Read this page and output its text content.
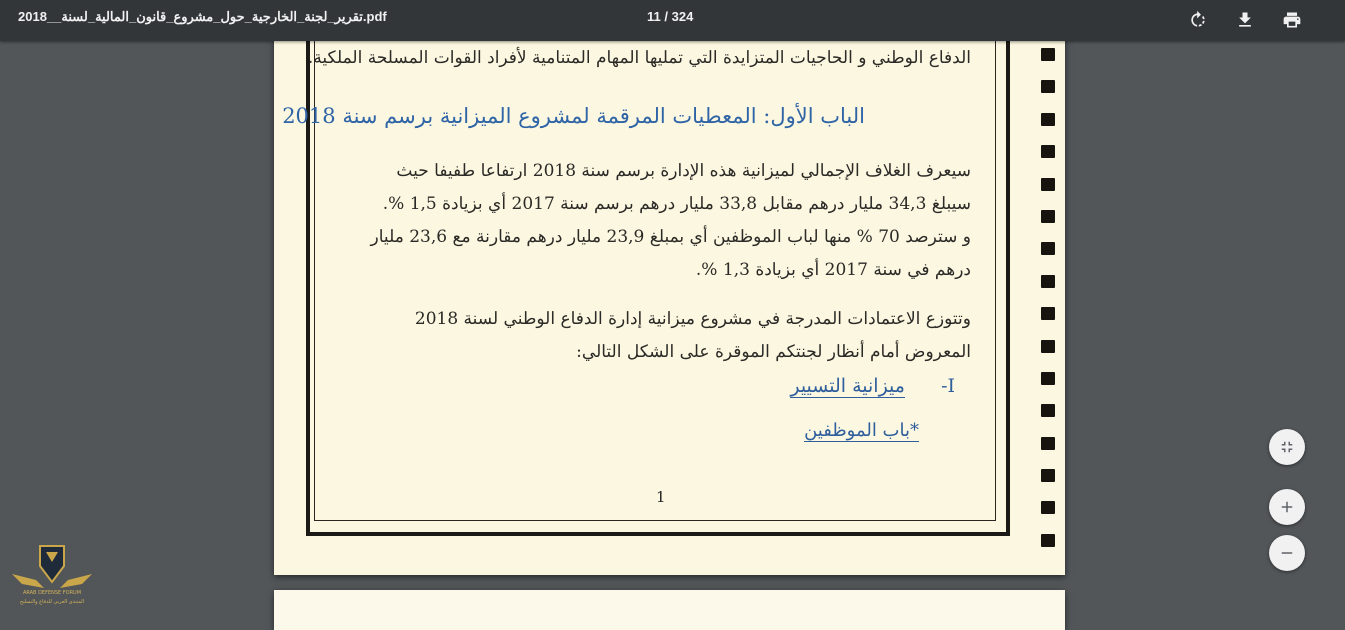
تقرير_لجنة_الخارجية_حول_مشروع_قانون_المالية_لسنة__2018.pdf	11 / 324
الدفاع الوطني و الحاجيات المتزايدة التي تمليها المهام المتنامية لأفراد القوات المسلحة الملكية.
الباب الأول: المعطيات المرقمة لمشروع الميزانية برسم سنة 2018
سيعرف الغلاف الإجمالي لميزانية هذه الإدارة برسم سنة 2018 ارتفاعا طفيفا حيث
سيبلغ 34,3 مليار درهم مقابل 33,8 مليار درهم برسم سنة 2017 أي بزيادة 1,5 %.
و سترصد 70 % منها لباب الموظفين أي بمبلغ 23,9 مليار درهم مقارنة مع 23,6 مليار
درهم في سنة 2017 أي بزيادة 1,3 %.
وتتوزع الاعتمادات المدرجة في مشروع ميزانية إدارة الدفاع الوطني لسنة 2018
المعروض أمام أنظار لجنتكم الموقرة على الشكل التالي:
I-  ميزانية التسيير
*باب الموظفين
1
ARAB DEFENSE FORUM
المنتدى العربي للدفاع والتسليح
